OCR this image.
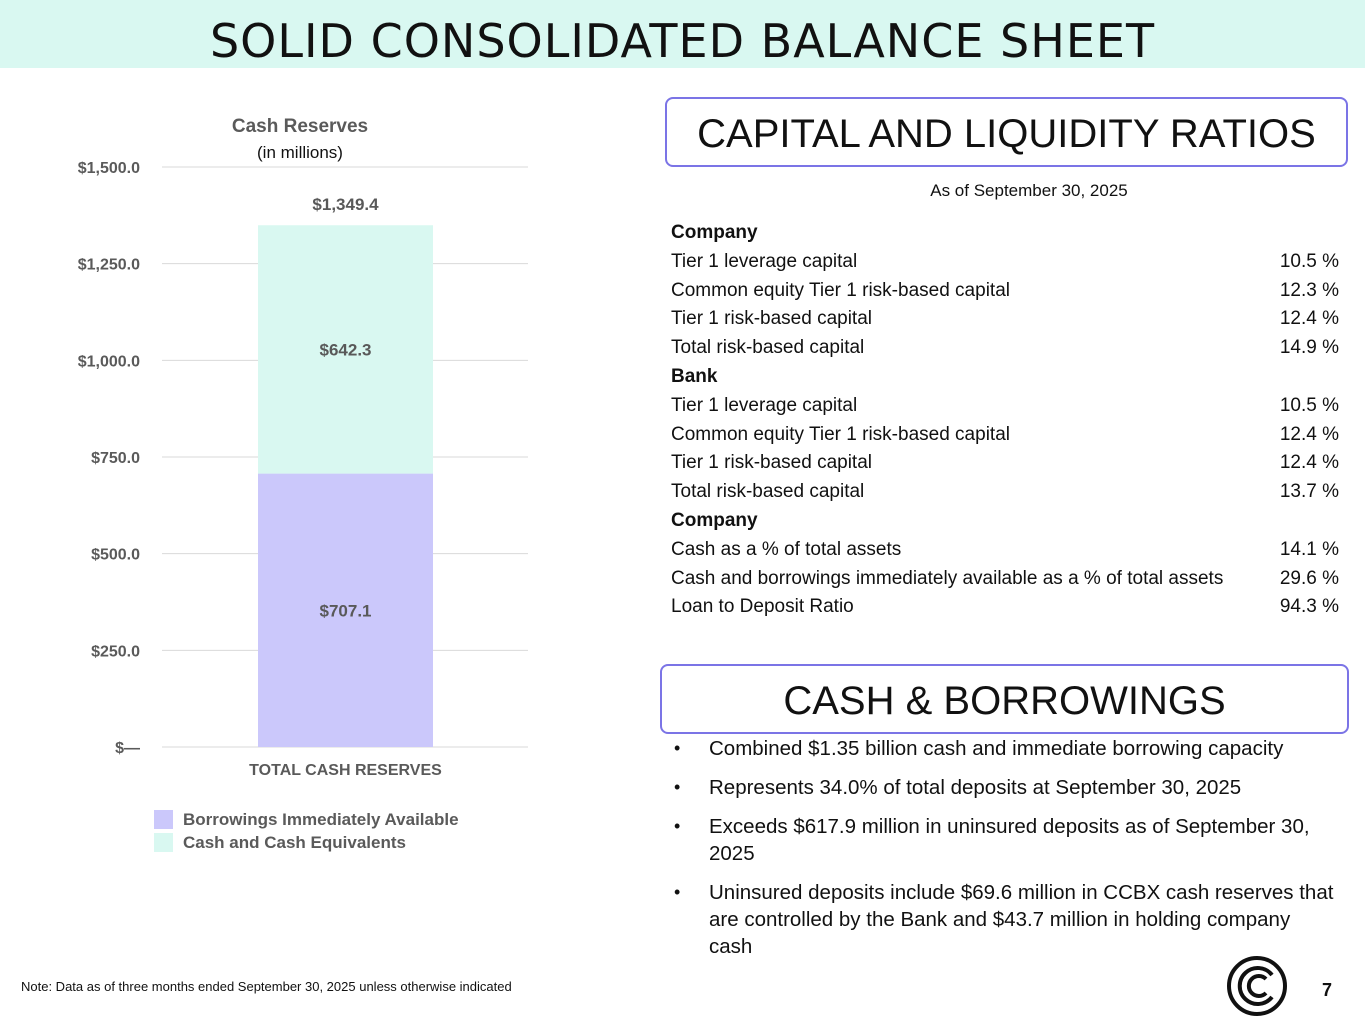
SOLID CONSOLIDATED BALANCE SHEET
Cash Reserves
(in millions)
$—
$250.0
$500.0
$750.0
$1,000.0
$1,250.0
$1,500.0
$707.1
$642.3
$1,349.4
TOTAL CASH RESERVES
Borrowings Immediately Available
Cash and Cash Equivalents
CAPITAL AND LIQUIDITY RATIOS
As of September 30, 2025
Company
Tier 1 leverage capital	10.5 %
Common equity Tier 1 risk-based capital	12.3 %
Tier 1 risk-based capital	12.4 %
Total risk-based capital	14.9 %
Bank
Tier 1 leverage capital	10.5 %
Common equity Tier 1 risk-based capital	12.4 %
Tier 1 risk-based capital	12.4 %
Total risk-based capital	13.7 %
Company
Cash as a % of total assets	14.1 %
Cash and borrowings immediately available as a % of total assets	29.6 %
Loan to Deposit Ratio	94.3 %
CASH & BORROWINGS
•	Combined $1.35 billion cash and immediate borrowing capacity
•	Represents 34.0% of total deposits at September 30, 2025
•	Exceeds $617.9 million in uninsured deposits as of September 30, 2025
•	Uninsured deposits include $69.6 million in CCBX cash reserves that are controlled by the Bank and $43.7 million in holding company cash
Note: Data as of three months ended September 30, 2025 unless otherwise indicated	7
